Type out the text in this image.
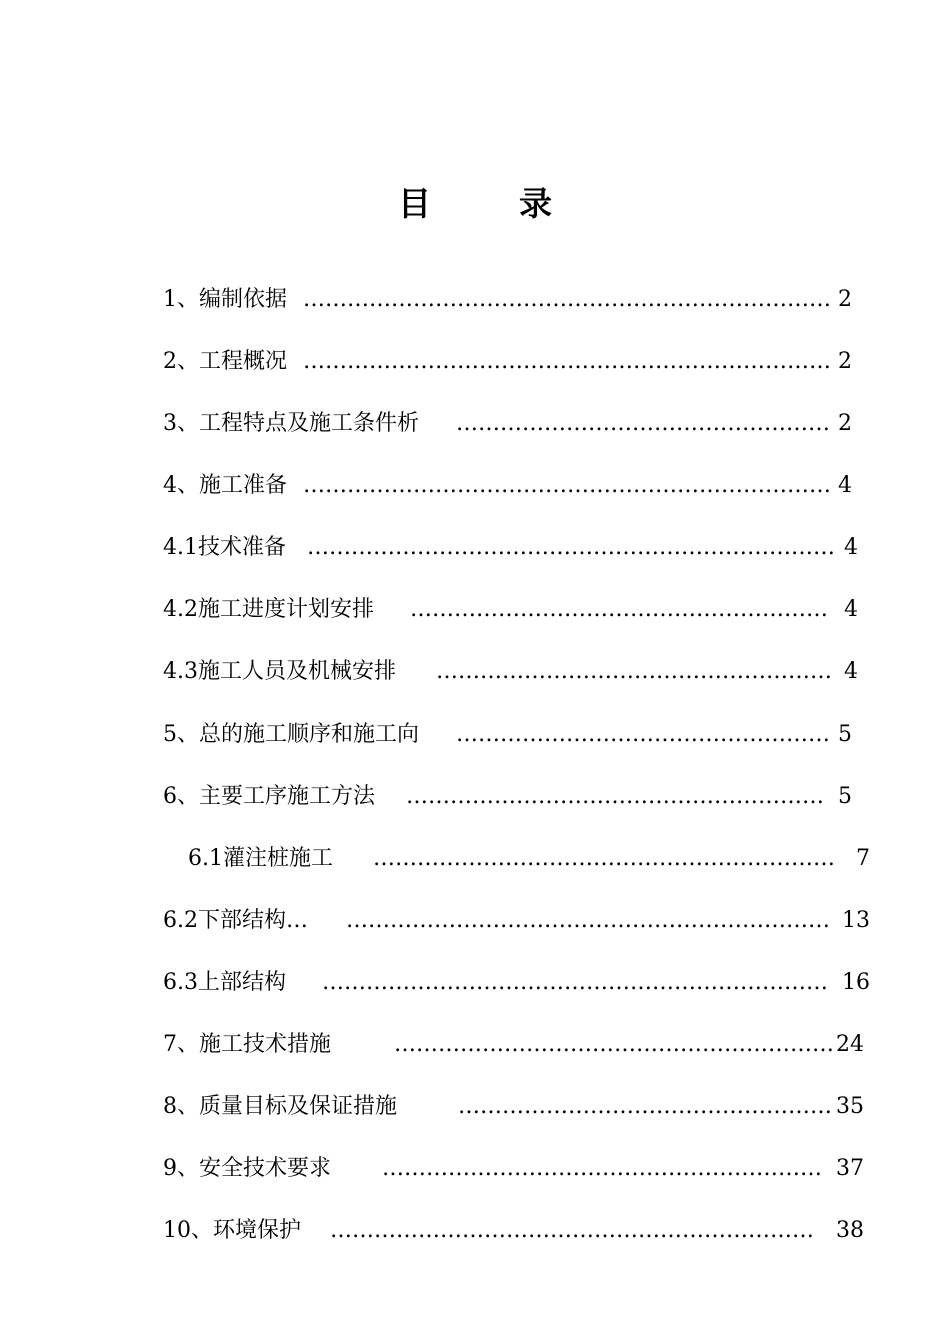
目	录
1、编制依据 ……………………………………………………………… 2
2、工程概况 ……………………………………………………………… 2
3、工程特点及施工条件析 …………………………………………… 2
4、施工准备 ……………………………………………………………… 4
4.1技术准备 ……………………………………………………………… 4
4.2施工进度计划安排 ………………………………………………… 4
4.3施工人员及机械安排 ……………………………………………… 4
5、总的施工顺序和施工向 …………………………………………… 5
6、主要工序施工方法 ………………………………………………… 5
6.1灌注桩施工 ……………………………………………………… 7
6.2下部结构… ………………………………………………………… 13
6.3上部结构 …………………………………………………………… 16
7、施工技术措施	…………………………………………………… 24
8、质量目标及保证措施	…………………………………………… 35
9、安全技术要求 …………………………………………………… 37
10、环境保护 …………………………………………………………	38
